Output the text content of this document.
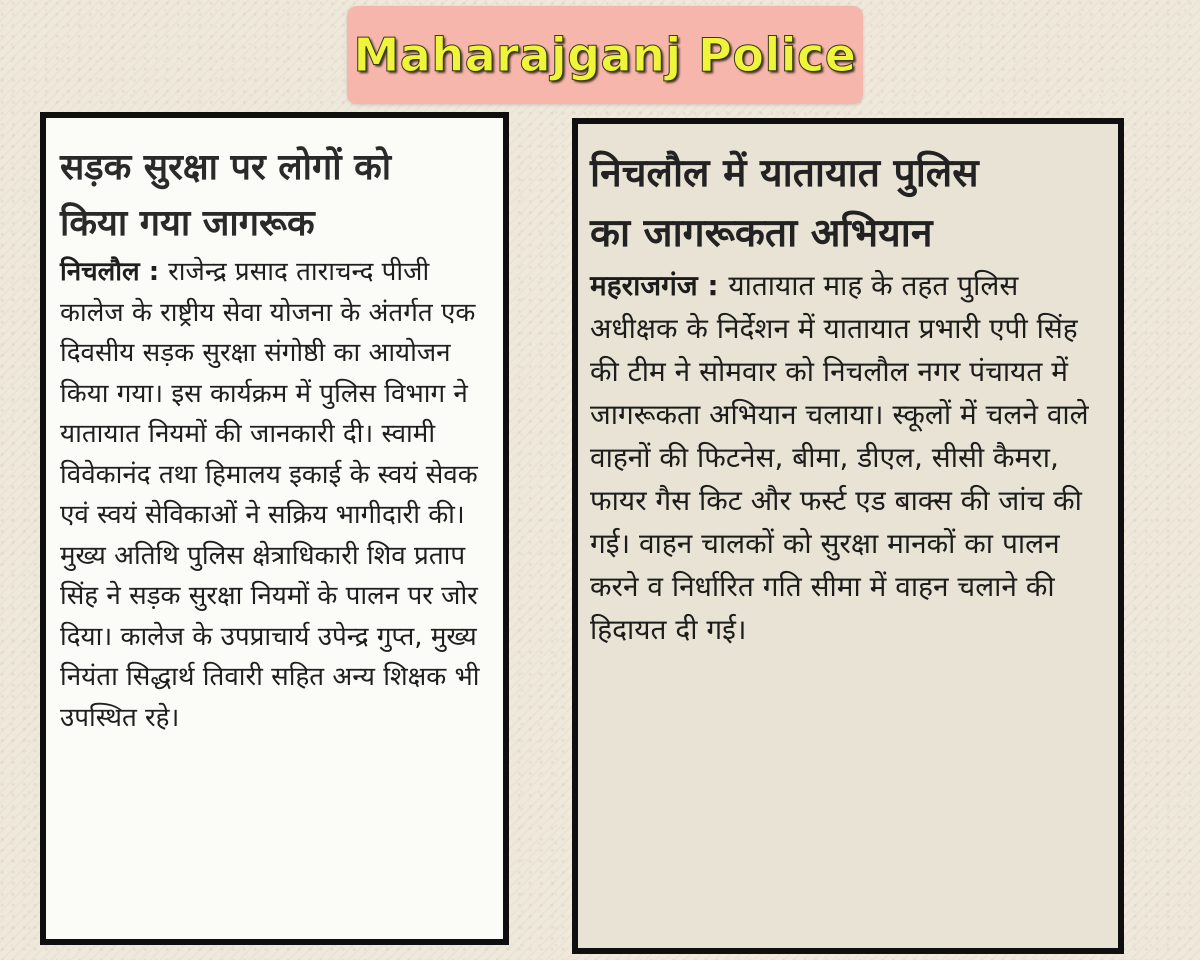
Maharajganj Police
सड़क सुरक्षा पर लोगों को
किया गया जागरूक

निचलौल : राजेन्द्र प्रसाद ताराचन्द पीजी कालेज के राष्ट्रीय सेवा योजना के अंतर्गत एक दिवसीय सड़क सुरक्षा संगोष्ठी का आयोजन किया गया। इस कार्यक्रम में पुलिस विभाग ने यातायात नियमों की जानकारी दी। स्वामी विवेकानंद तथा हिमालय इकाई के स्वयं सेवक एवं स्वयं सेविकाओं ने सक्रिय भागीदारी की। मुख्य अतिथि पुलिस क्षेत्राधिकारी शिव प्रताप सिंह ने सड़क सुरक्षा नियमों के पालन पर जोर दिया। कालेज के उपप्राचार्य उपेन्द्र गुप्त, मुख्य नियंता सिद्धार्थ तिवारी सहित अन्य शिक्षक भी उपस्थित रहे।

निचलौल में यातायात पुलिस
का जागरूकता अभियान

महराजगंज : यातायात माह के तहत पुलिस अधीक्षक के निर्देशन में यातायात प्रभारी एपी सिंह की टीम ने सोमवार को निचलौल नगर पंचायत में जागरूकता अभियान चलाया। स्कूलों में चलने वाले वाहनों की फिटनेस, बीमा, डीएल, सीसी कैमरा, फायर गैस किट और फर्स्ट एड बाक्स की जांच की गई। वाहन चालकों को सुरक्षा मानकों का पालन करने व निर्धारित गति सीमा में वाहन चलाने की हिदायत दी गई।
